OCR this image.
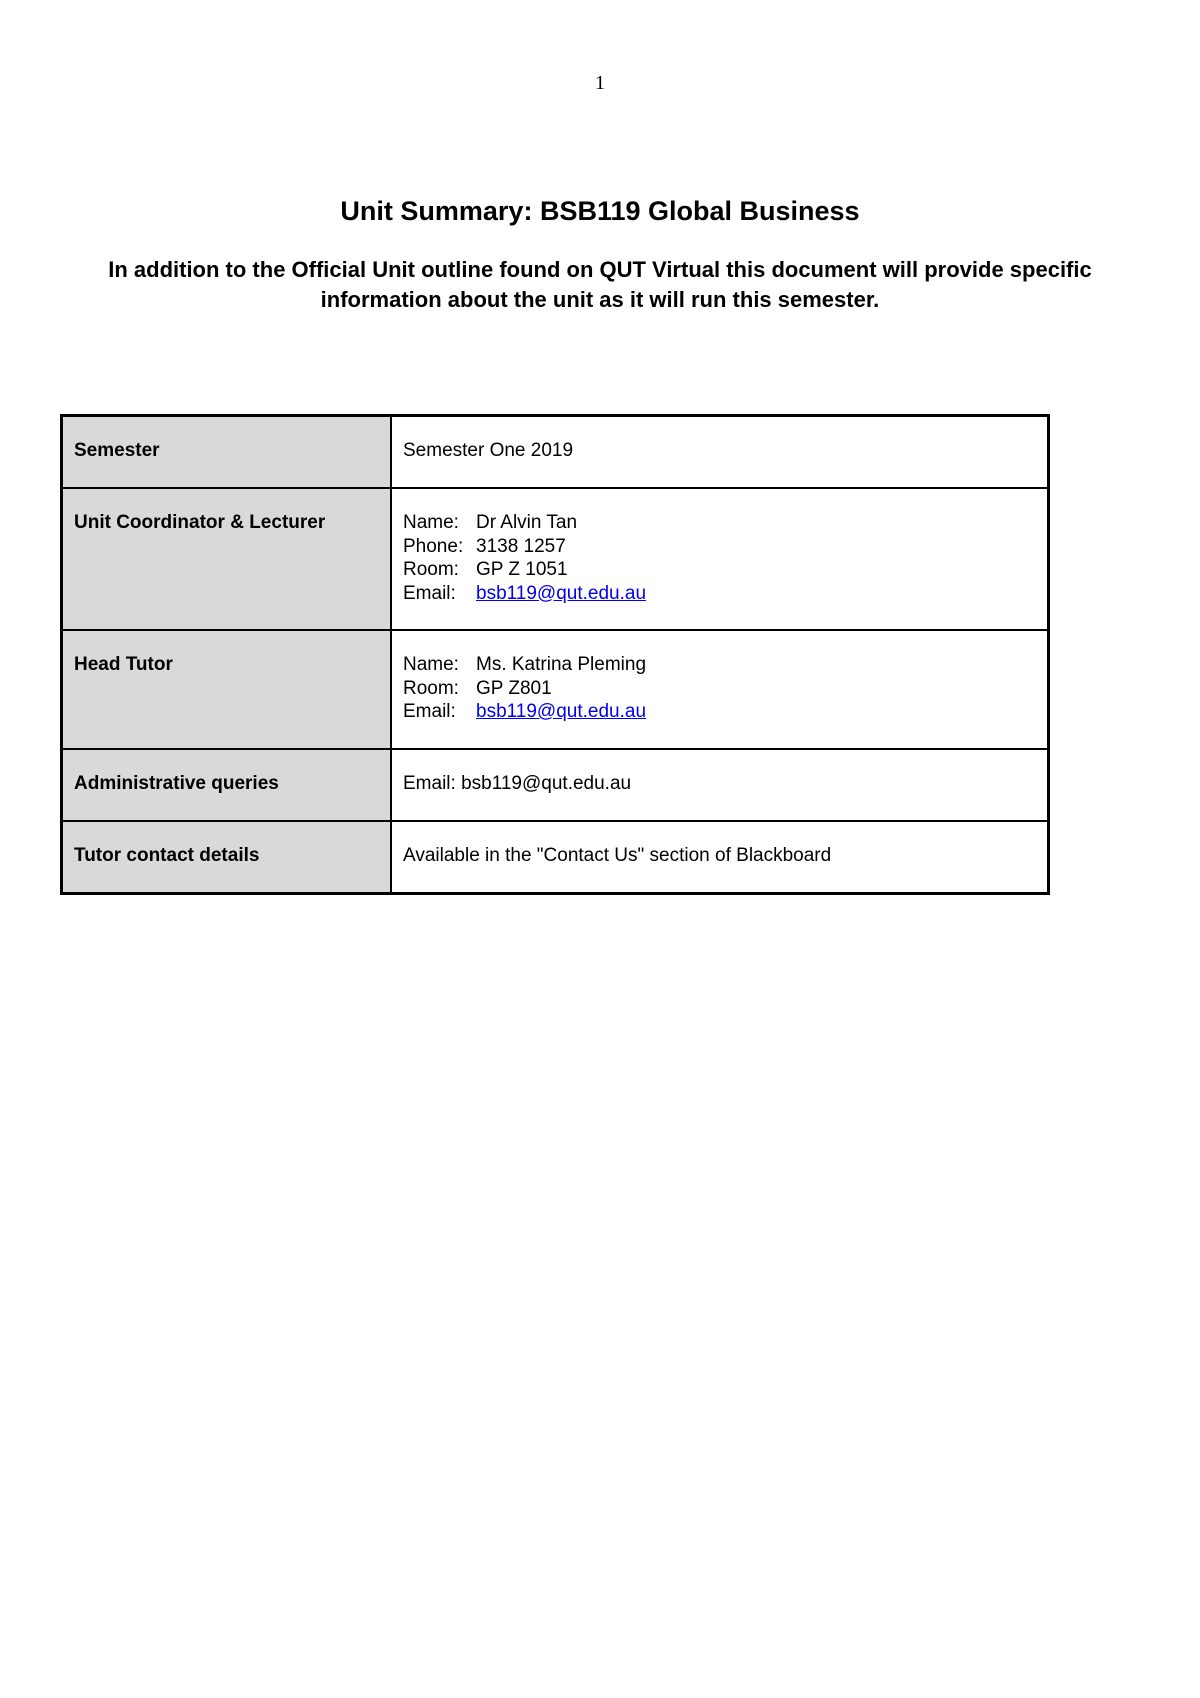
1
Unit Summary: BSB119 Global Business

In addition to the Official Unit outline found on QUT Virtual this document will provide specific information about the unit as it will run this semester.

Semester	Semester One 2019
Unit Coordinator & Lecturer	Name: Dr Alvin Tan
Phone: 3138 1257
Room: GP Z 1051
Email: bsb119@qut.edu.au

Head Tutor	Name: Ms. Katrina Pleming
Room: GP Z801
Email: bsb119@qut.edu.au

Administrative queries	Email: bsb119@qut.edu.au
Tutor contact details	Available in the "Contact Us" section of Blackboard
